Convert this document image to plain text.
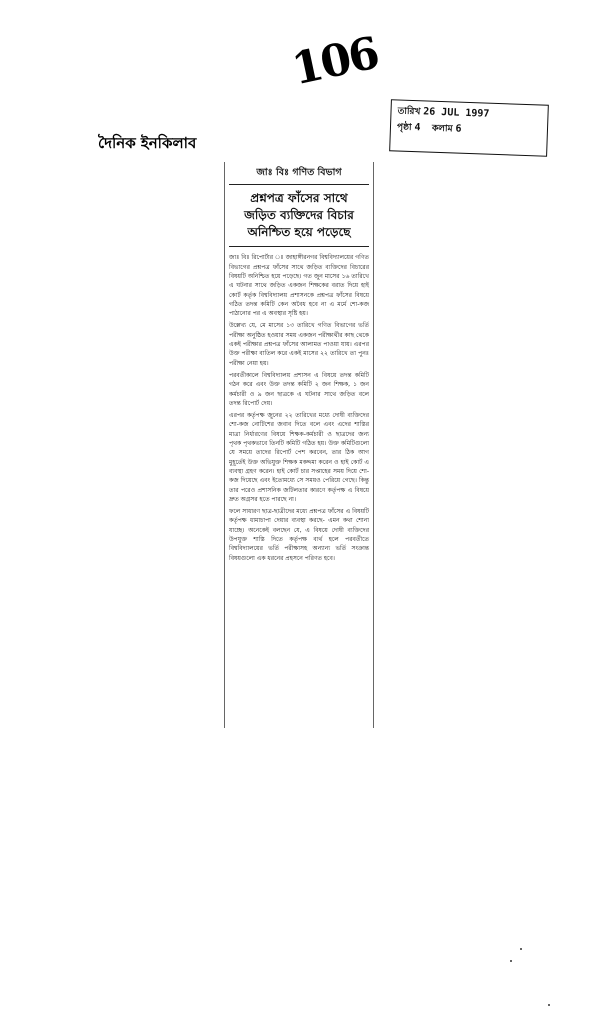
106
তারিখ 26 JUL 1997
পৃষ্ঠা 4 কলাম 6
দৈনিক ইনকিলাব
জাঃ বিঃ গণিত বিভাগ
প্রশ্নপত্র ফাঁসের সাথে
জড়িত ব্যক্তিদের বিচার
অনিশ্চিত হয়ে পড়েছে

জাঃ বিঃ রিপোর্টার ঃ জাহাঙ্গীরনগর বিশ্ববিদ্যালয়ের গণিত বিভাগের প্রশ্নপত্র ফাঁসের সাথে জড়িত ব্যক্তিদের বিচারের বিষয়টি অনিশ্চিত হয়ে পড়েছে। গত জুন মাসের ১৬ তারিখে এ ঘটনার সাথে জড়িত একজন শিক্ষকের বরাত দিয়ে হাই কোর্ট কর্তৃক বিশ্ববিদ্যালয় প্রশাসনকে প্রশ্নপত্র ফাঁসের বিষয়ে গঠিত তদন্ত কমিটি কেন অবৈধ হবে না এ মর্মে শো-কজ পাঠানোর পর এ অবস্থার সৃষ্টি হয়।

উল্লেখ্য যে, মে মাসের ১৩ তারিখে গণিত বিভাগের ভর্তি পরীক্ষা অনুষ্ঠিত হওয়ার সময় একজন পরীক্ষার্থীর কাছ থেকে একই পরীক্ষার প্রশ্নপত্র ফাঁসের আলামত পাওয়া যায়। এরপর উক্ত পরীক্ষা বাতিল করে একই মাসের ২২ তারিখে তা পুনঃ পরীক্ষা নেয়া হয়।

পরবর্তীকালে বিশ্ববিদ্যালয় প্রশাসন এ বিষয়ে তদন্ত কমিটি গঠন করে এবং উক্ত তদন্ত কমিটি ২ জন শিক্ষক, ১ জন কর্মচারী ও ৯ জন ছাত্রকে এ ঘটনার সাথে জড়িত বলে তদন্ত রিপোর্ট দেয়।

এরপর কর্তৃপক্ষ জুনের ২২ তারিখের মধ্যে দোষী ব্যক্তিদের শো-কজ নোটিশের জবাব দিতে বলে এবং এদের শাস্তির মাত্রা নির্ধারণের বিষয়ে শিক্ষক-কর্মচারী ও ছাত্রদের জন্য পৃথক পৃথকভাবে তিনটি কমিটি গঠিত হয়। উক্ত কমিটিগুলো যে সময়ে তাদের রিপোর্ট পেশ করবেন, তার ঠিক আগ মুহূর্তেই উক্ত অভিযুক্ত শিক্ষক মকদ্দমা করেন ও হাই কোর্ট এ ব্যবস্থা গ্রহণ করেন। হাই কোর্ট চার সপ্তাহের সময় দিয়ে শো-কজ দিয়েছে এবং ইতোমধ্যে সে সময়ও পেরিয়ে গেছে। কিন্তু তার পরেও প্রশাসনিক জটিলতার কারণে কর্তৃপক্ষ এ বিষয়ে দ্রুত অগ্রসর হতে পারছে না।

ফলে সাধারণ ছাত্র-ছাত্রীদের মধ্যে প্রশ্নপত্র ফাঁসের এ বিষয়টি কর্তৃপক্ষ ধামাচাপা দেয়ার ব্যবস্থা করছে- এমন কথা শোনা যাচ্ছে। অনেকেই বলছেন যে, এ বিষয়ে দোষী ব্যক্তিদের উপযুক্ত শাস্তি দিতে কর্তৃপক্ষ ব্যর্থ হলে পরবর্তীতে বিশ্ববিদ্যালয়ের ভর্তি পরীক্ষাসহ অন্যান্য ভর্তি সংক্রান্ত বিষয়গুলো এক ধরনের প্রহসনে পরিণত হবে।
